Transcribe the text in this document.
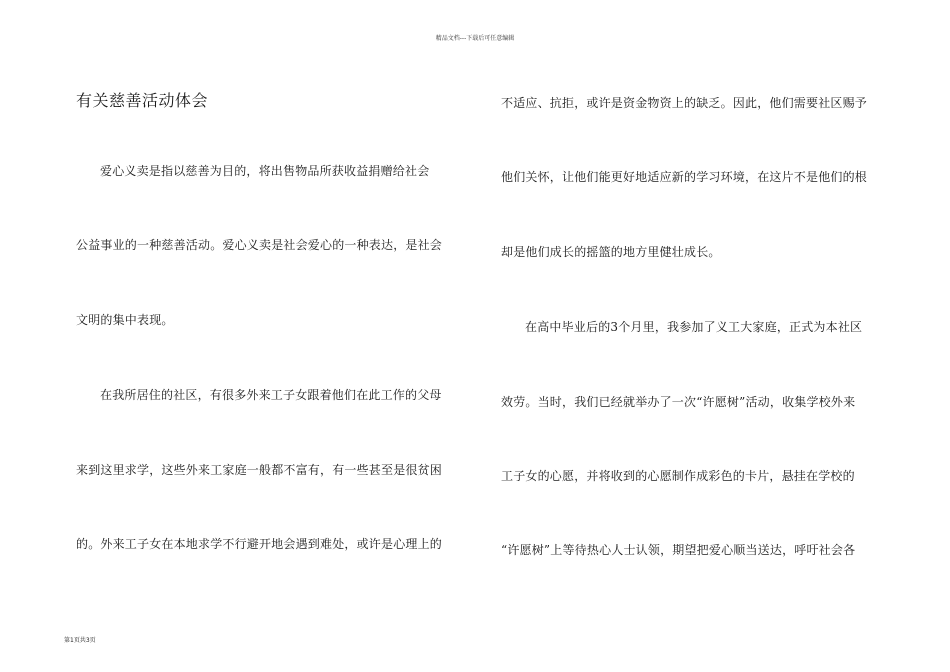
精品文档---下载后可任意编辑
有关慈善活动体会
爱心义卖是指以慈善为目的，将出售物品所获收益捐赠给社会
公益事业的一种慈善活动。爱心义卖是社会爱心的一种表达，是社会
文明的集中表现。
在我所居住的社区，有很多外来工子女跟着他们在此工作的父母
来到这里求学，这些外来工家庭一般都不富有，有一些甚至是很贫困
的。外来工子女在本地求学不行避开地会遇到难处，或许是心理上的
不适应、抗拒，或许是资金物资上的缺乏。因此，他们需要社区赐予
他们关怀，让他们能更好地适应新的学习环境，在这片不是他们的根
却是他们成长的摇篮的地方里健壮成长。
在高中毕业后的3个月里，我参加了义工大家庭，正式为本社区
效劳。当时，我们已经就举办了一次“许愿树”活动，收集学校外来
工子女的心愿，并将收到的心愿制作成彩色的卡片，悬挂在学校的
“许愿树”上等待热心人士认领，期望把爱心顺当送达，呼吁社会各
第1页共3页
